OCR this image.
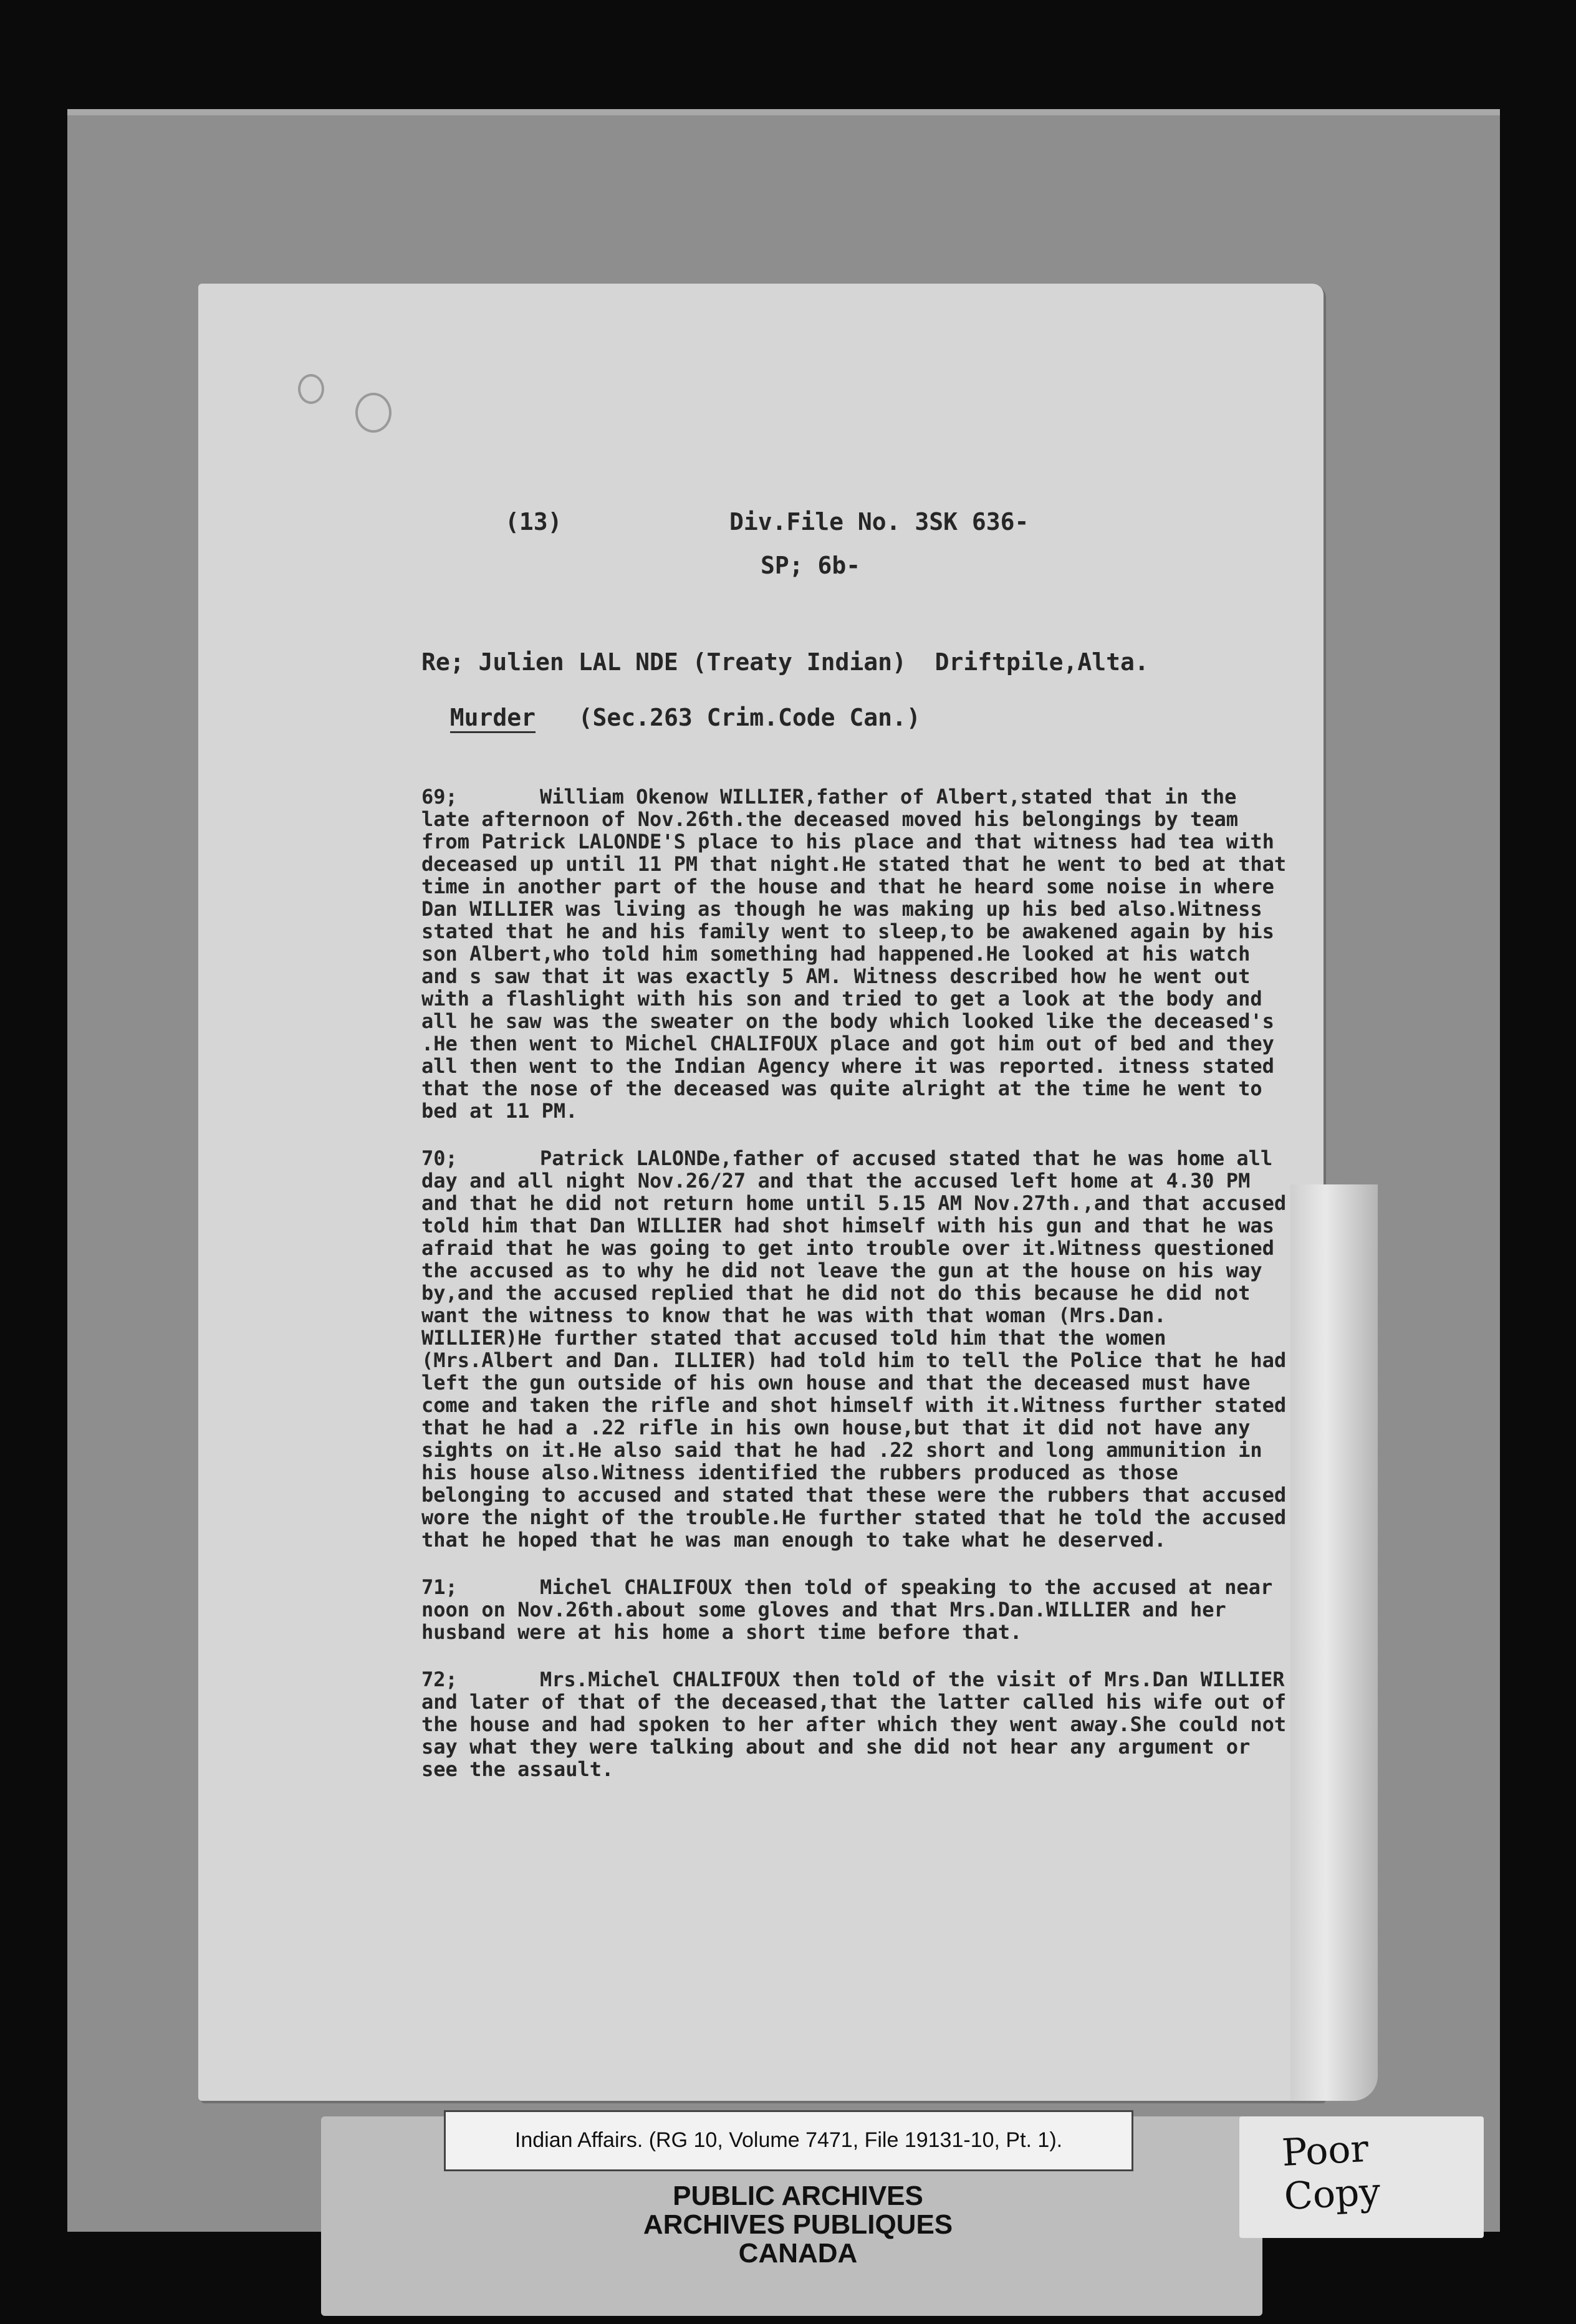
(13)	Div.File No. 3SK 636-
SP; 6b-
Re; Julien LAL NDE (Treaty Indian)  Driftpile,Alta.

Murder   (Sec.263 Crim.Code Can.)

69;	William Okenow WILLIER,father of Albert,stated that in the late afternoon of Nov.26th.the deceased moved his belongings by team from Patrick LALONDE'S place to his place and that witness had tea with deceased up until 11 PM that night.He stated that he went to bed at that time in another part of the house and that he heard some noise in where Dan WILLIER was living as though he was making up his bed also.Witness stated that he and his family went to sleep,to be awakened again by his son Albert,who told him something had happened.He looked at his watch and s saw that it was exactly 5 AM. Witness described how he went out with a flashlight with his son and tried to get a look at the body and all he saw was the sweater on the body which looked like the deceased's .He then went to Michel CHALIFOUX place and got him out of bed and they all then went to the Indian Agency where it was reported. itness stated that the nose of the deceased was quite alright at the time he went to bed at 11 PM.
70;	Patrick LALONDe,father of accused stated that he was home all day and all night Nov.26/27 and that the accused left home at 4.30 PM and that he did not return home until 5.15 AM Nov.27th.,and that accused told him that Dan WILLIER had shot himself with his gun and that he was afraid that he was going to get into trouble over it.Witness questioned the accused as to why he did not leave the gun at the house on his way by,and the accused replied that he did not do this because he did not want the witness to know that he was with that woman (Mrs.Dan. WILLIER)He further stated that accused told him that the women (Mrs.Albert and Dan. ILLIER) had told him to tell the Police that he had left the gun outside of his own house and that the deceased must have come and taken the rifle and shot himself with it.Witness further stated that he had a .22 rifle in his own house,but that it did not have any sights on it.He also said that he had .22 short and long ammunition in his house also.Witness identified the rubbers produced as those belonging to accused and stated that these were the rubbers that accused wore the night of the trouble.He further stated that he told the accused that he hoped that he was man enough to take what he deserved.
71;	Michel CHALIFOUX then told of speaking to the accused at near noon on Nov.26th.about some gloves and that Mrs.Dan.WILLIER and her husband were at his home a short time before that.
72;	Mrs.Michel CHALIFOUX then told of the visit of Mrs.Dan WILLIER and later of that of the deceased,that the latter called his wife out of the house and had spoken to her after which they went away.She could not say what they were talking about and she did not hear any argument or see the assault.
Indian Affairs. (RG 10, Volume 7471, File 19131-10, Pt. 1).
PUBLIC ARCHIVES
ARCHIVES PUBLIQUES
CANADA
Poor
Copy
